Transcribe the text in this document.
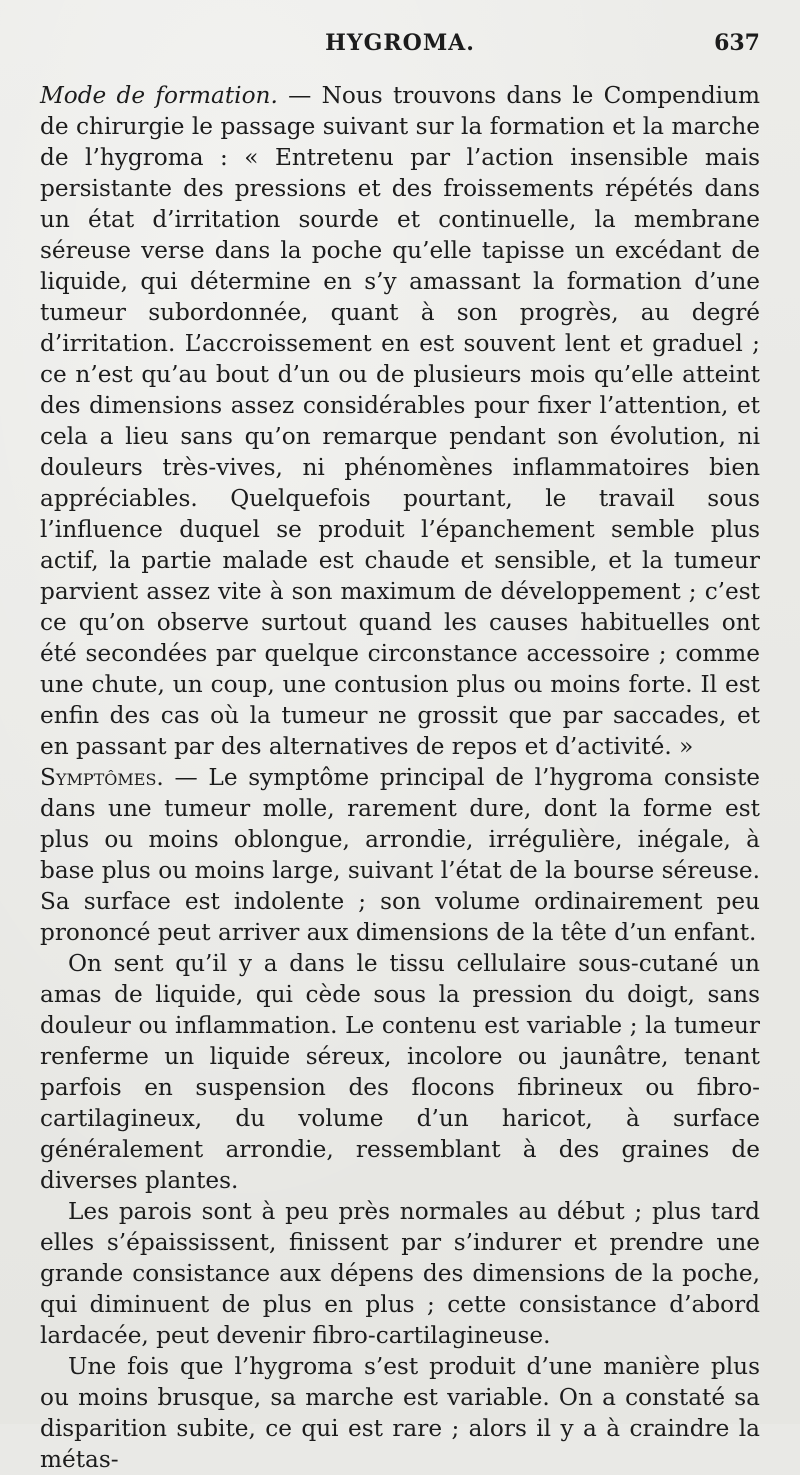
HYGROMA.	637

Mode de formation. — Nous trouvons dans le Compendium de chirurgie le passage suivant sur la formation et la marche de l’hygroma : « Entretenu par l’action insensible mais persistante des pressions et des froissements répétés dans un état d’irritation sourde et continuelle, la membrane séreuse verse dans la poche qu’elle tapisse un excédant de liquide, qui détermine en s’y amassant la formation d’une tumeur subordonnée, quant à son progrès, au degré d’irritation. L’accroissement en est souvent lent et graduel ; ce n’est qu’au bout d’un ou de plusieurs mois qu’elle atteint des dimensions assez considérables pour fixer l’attention, et cela a lieu sans qu’on remarque pendant son évolution, ni douleurs très-vives, ni phénomènes inflammatoires bien appréciables. Quelquefois pourtant, le travail sous l’influence duquel se produit l’épanchement semble plus actif, la partie malade est chaude et sensible, et la tumeur parvient assez vite à son maximum de développement ; c’est ce qu’on observe surtout quand les causes habituelles ont été secondées par quelque circonstance accessoire ; comme une chute, un coup, une contusion plus ou moins forte. Il est enfin des cas où la tumeur ne grossit que par saccades, et en passant par des alternatives de repos et d’activité. »

Symptômes. — Le symptôme principal de l’hygroma consiste dans une tumeur molle, rarement dure, dont la forme est plus ou moins oblongue, arrondie, irrégulière, inégale, à base plus ou moins large, suivant l’état de la bourse séreuse. Sa surface est indolente ; son volume ordinairement peu prononcé peut arriver aux dimensions de la tête d’un enfant.

On sent qu’il y a dans le tissu cellulaire sous-cutané un amas de liquide, qui cède sous la pression du doigt, sans douleur ou inflammation. Le contenu est variable ; la tumeur renferme un liquide séreux, incolore ou jaunâtre, tenant parfois en suspension des flocons fibrineux ou fibro-cartilagineux, du volume d’un haricot, à surface généralement arrondie, ressemblant à des graines de diverses plantes.

Les parois sont à peu près normales au début ; plus tard elles s’épaississent, finissent par s’indurer et prendre une grande consistance aux dépens des dimensions de la poche, qui diminuent de plus en plus ; cette consistance d’abord lardacée, peut devenir fibro-cartilagineuse.

Une fois que l’hygroma s’est produit d’une manière plus ou moins brusque, sa marche est variable. On a constaté sa disparition subite, ce qui est rare ; alors il y a à craindre la métas-
